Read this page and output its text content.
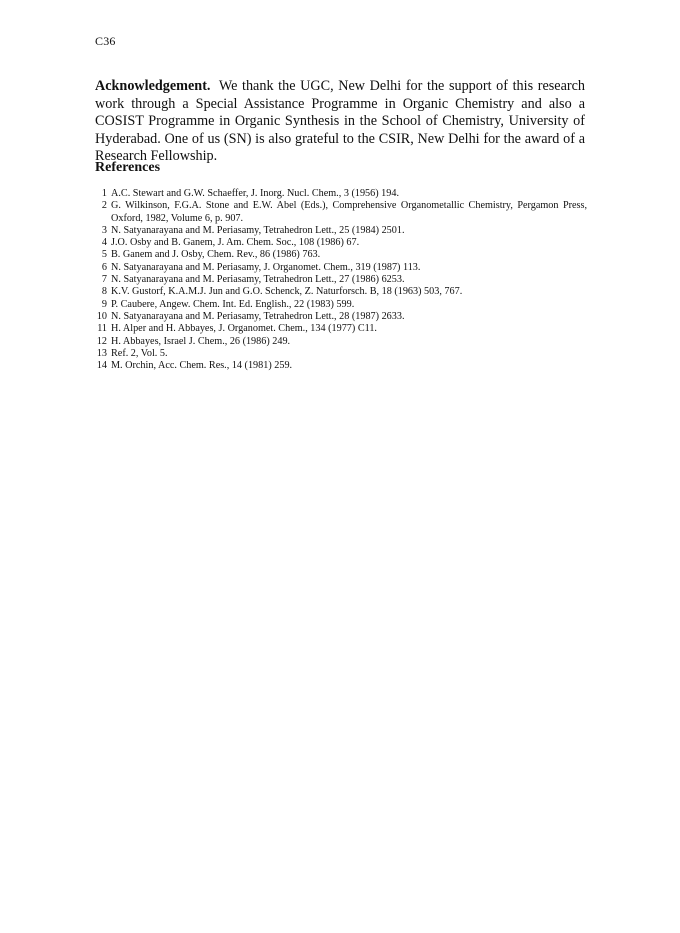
C36

Acknowledgement. We thank the UGC, New Delhi for the support of this research work through a Special Assistance Programme in Organic Chemistry and also a COSIST Programme in Organic Synthesis in the School of Chemistry, University of Hyderabad. One of us (SN) is also grateful to the CSIR, New Delhi for the award of a Research Fellowship.

References
1 A.C. Stewart and G.W. Schaeffer, J. Inorg. Nucl. Chem., 3 (1956) 194.
2 G. Wilkinson, F.G.A. Stone and E.W. Abel (Eds.), Comprehensive Organometallic Chemistry, Pergamon Press, Oxford, 1982, Volume 6, p. 907.
3 N. Satyanarayana and M. Periasamy, Tetrahedron Lett., 25 (1984) 2501.
4 J.O. Osby and B. Ganem, J. Am. Chem. Soc., 108 (1986) 67.
5 B. Ganem and J. Osby, Chem. Rev., 86 (1986) 763.
6 N. Satyanarayana and M. Periasamy, J. Organomet. Chem., 319 (1987) 113.
7 N. Satyanarayana and M. Periasamy, Tetrahedron Lett., 27 (1986) 6253.
8 K.V. Gustorf, K.A.M.J. Jun and G.O. Schenck, Z. Naturforsch. B, 18 (1963) 503, 767.
9 P. Caubere, Angew. Chem. Int. Ed. English., 22 (1983) 599.
10 N. Satyanarayana and M. Periasamy, Tetrahedron Lett., 28 (1987) 2633.
11 H. Alper and H. Abbayes, J. Organomet. Chem., 134 (1977) C11.
12 H. Abbayes, Israel J. Chem., 26 (1986) 249.
13 Ref. 2, Vol. 5.
14 M. Orchin, Acc. Chem. Res., 14 (1981) 259.
